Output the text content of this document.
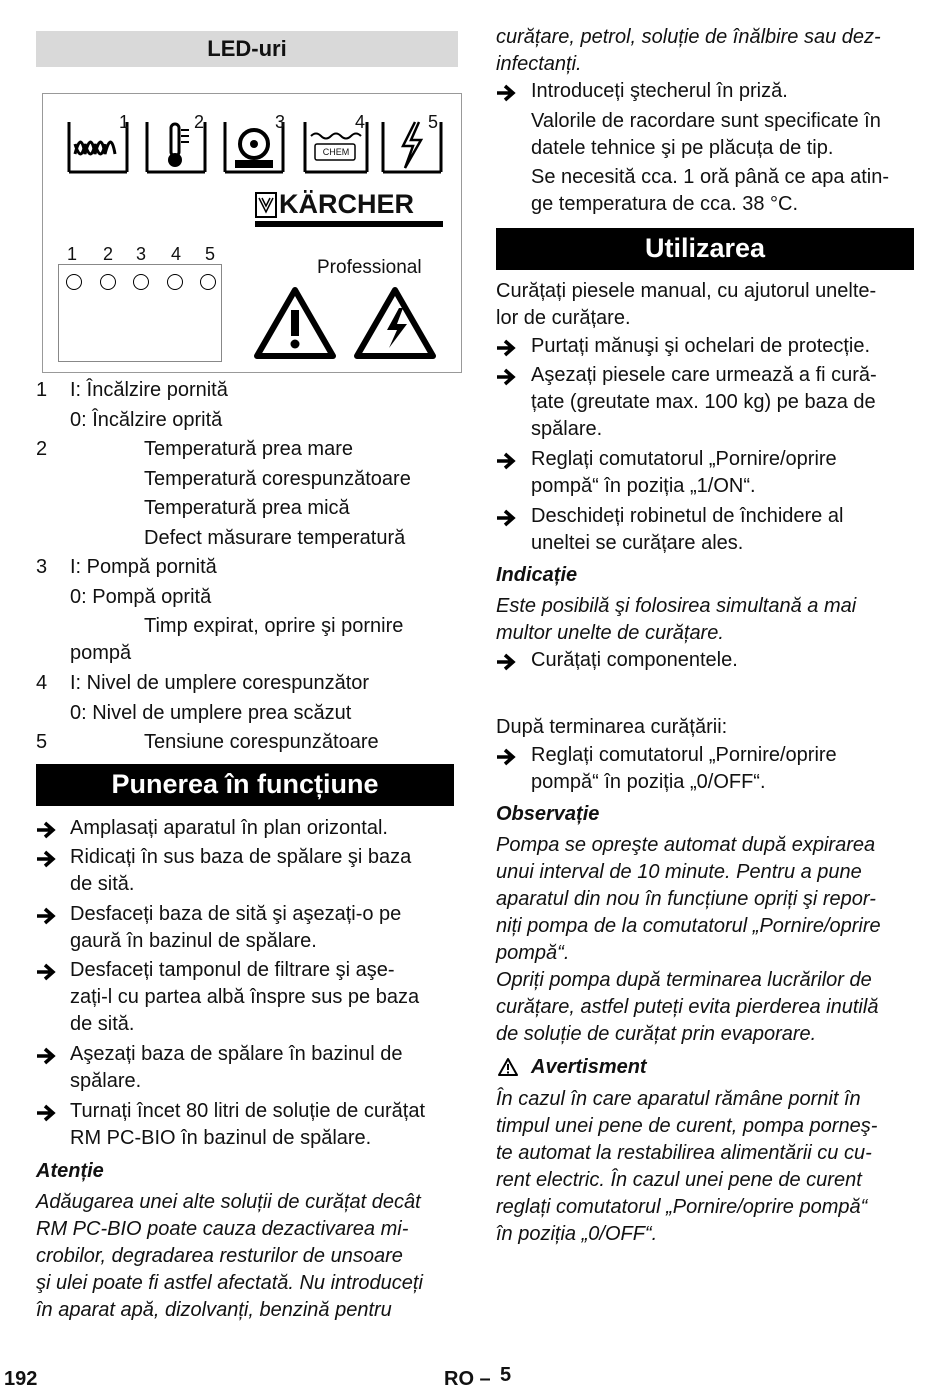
LED-uri
1	2	3
CHEM
4	5
KÄRCHER
Professional
1 2 3 4 5
1 I: Încălzire pornită
0: Încălzire oprită
2	Temperatură prea mare
Temperatură corespunzătoare
Temperatură prea mică
Defect măsurare temperatură
3 I: Pompă pornită
0: Pompă oprită
Timp expirat, oprire şi pornire
pompă
4 I: Nivel de umplere corespunzător
0: Nivel de umplere prea scăzut
5	Tensiune corespunzătoare
Punerea în funcțiune
Amplasați aparatul în plan orizontal.
Ridicați în sus baza de spălare şi baza
de sită.
Desfaceți baza de sită şi aşezați-o pe
gaură în bazinul de spălare.
Desfaceți tamponul de filtrare şi aşe-
zați-l cu partea albă înspre sus pe baza
de sită.
Aşezați baza de spălare în bazinul de
spălare.
Turnați încet 80 litri de soluție de curățat
RM PC-BIO în bazinul de spălare.
Atenție
Adăugarea unei alte soluții de curățat decât
RM PC-BIO poate cauza dezactivarea mi-
crobilor, degradarea resturilor de unsoare
şi ulei poate fi astfel afectată. Nu introduceți
în aparat apă, dizolvanți, benzină pentru
curățare, petrol, soluție de înălbire sau dez-
infectanți.
Introduceți ştecherul în priză.
Valorile de racordare sunt specificate în
datele tehnice şi pe plăcuța de tip.
Se necesită cca. 1 oră până ce apa atin-
ge temperatura de cca. 38 °C.
Utilizarea
Curățați piesele manual, cu ajutorul unelte-
lor de curățare.
Purtați mănuşi şi ochelari de protecție.
Aşezați piesele care urmează a fi cură-
țate (greutate max. 100 kg) pe baza de
spălare.
Reglați comutatorul „Pornire/oprire
pompă“ în poziția „1/ON“.
Deschideți robinetul de închidere al
uneltei se curățare ales.
Indicație
Este posibilă şi folosirea simultană a mai
multor unelte de curățare.
Curățați componentele.
După terminarea curățării:
Reglați comutatorul „Pornire/oprire
pompă“ în poziția „0/OFF“.
Observație
Pompa se opreşte automat după expirarea
unui interval de 10 minute. Pentru a pune
aparatul din nou în funcțiune opriți şi repor-
niți pompa de la comutatorul „Pornire/oprire
pompă“.
Opriți pompa după terminarea lucrărilor de
curățare, astfel puteți evita pierderea inutilă
de soluție de curățat prin evaporare.
Avertisment
În cazul în care aparatul rămâne pornit în
timpul unei pene de curent, pompa porneş-
te automat la restabilirea alimentării cu cu-
rent electric. În cazul unei pene de curent
reglați comutatorul „Pornire/oprire pompă“
în poziția „0/OFF“.
192	RO – 5
